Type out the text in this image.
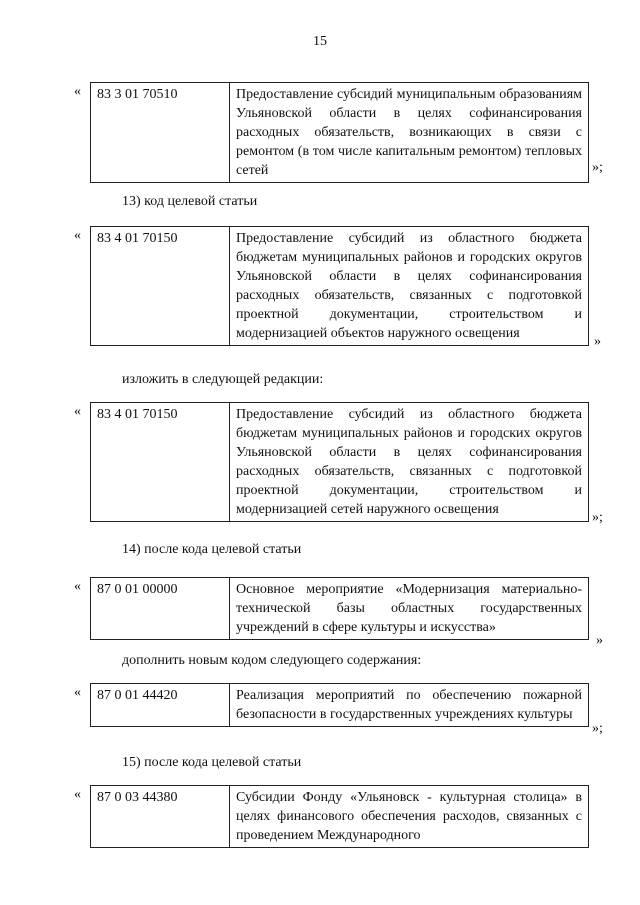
15
«	83 3 01 70510	Предоставление субсидий муниципальным образованиям Ульяновской области в целях софинансирования расходных обязательств, возникающих в связи с ремонтом (в том числе капитальным ремонтом) тепловых сетей	»;
13) код целевой статьи
«	83 4 01 70150	Предоставление субсидий из областного бюджета бюджетам муниципальных районов и городских округов Ульяновской области в целях софинансирования расходных обязательств, связанных с подготовкой проектной документации, строительством и модернизацией объектов наружного освещения
»
изложить в следующей редакции:
«	83 4 01 70150	Предоставление субсидий из областного бюджета бюджетам муниципальных районов и городских округов Ульяновской области в целях софинансирования расходных обязательств, связанных с подготовкой проектной документации, строительством и модернизацией сетей наружного освещения
»;
14) после кода целевой статьи
«	87 0 01 00000	Основное мероприятие «Модернизация материально-технической базы областных государственных учреждений в сфере культуры и искусства»
»
дополнить новым кодом следующего содержания:
«	87 0 01 44420	Реализация мероприятий по обеспечению пожарной безопасности в государственных учреждениях культуры
»;
15) после кода целевой статьи
«	87 0 03 44380	Субсидии Фонду «Ульяновск - культурная столица» в целях финансового обеспечения расходов, связанных с проведением Международного
